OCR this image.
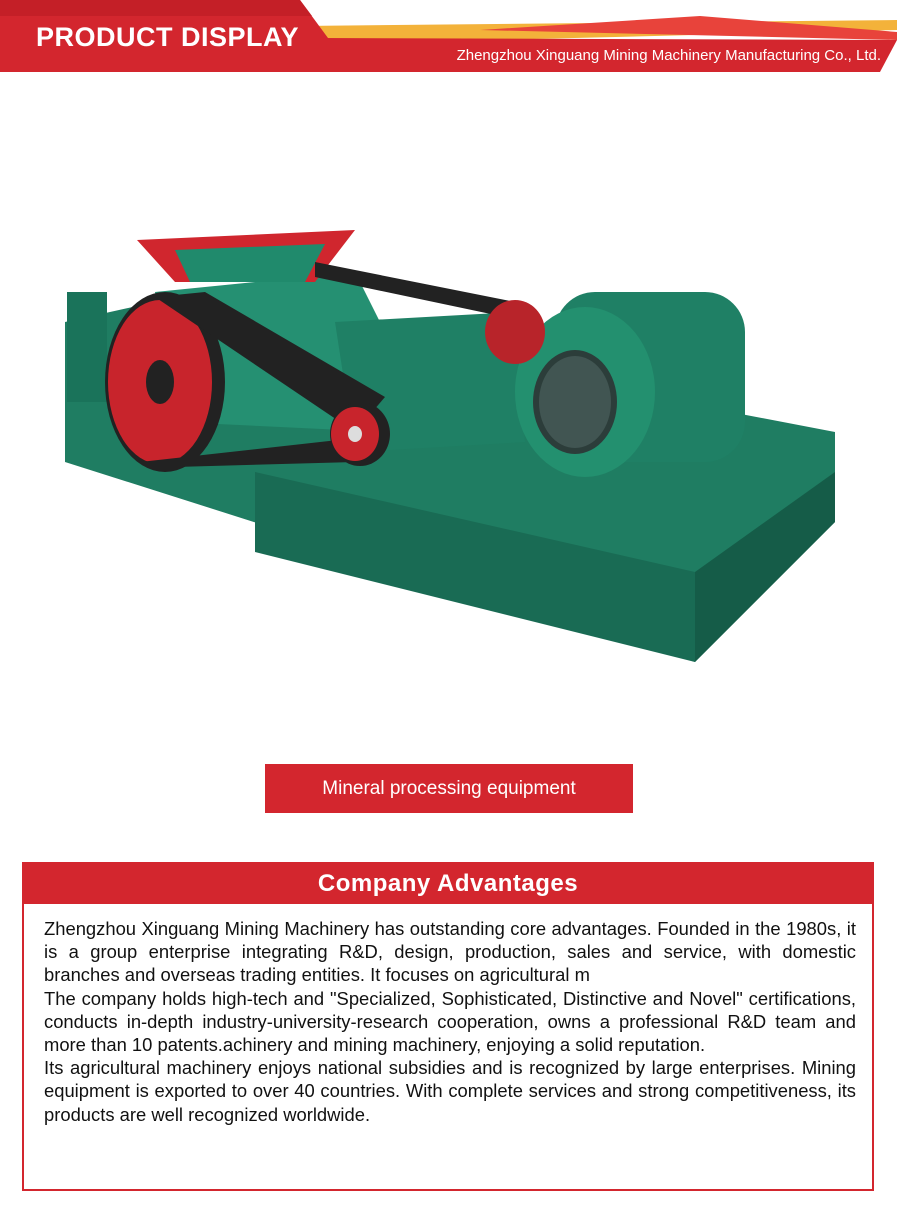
PRODUCT DISPLAY
Zhengzhou Xinguang Mining Machinery Manufacturing Co., Ltd.
Mineral processing equipment
Company Advantages

Zhengzhou Xinguang Mining Machinery has outstanding core advantages. Founded in the 1980s, it is a group enterprise integrating R&D, design, production, sales and service, with domestic branches and overseas trading entities. It focuses on agricultural m

The company holds high-tech and "Specialized, Sophisticated, Distinctive and Novel" certifications, conducts in-depth industry-university-research cooperation, owns a professional R&D team and more than 10 patents.achinery and mining machinery, enjoying a solid reputation.

Its agricultural machinery enjoys national subsidies and is recognized by large enterprises. Mining equipment is exported to over 40 countries. With complete services and strong competitiveness, its products are well recognized worldwide.
